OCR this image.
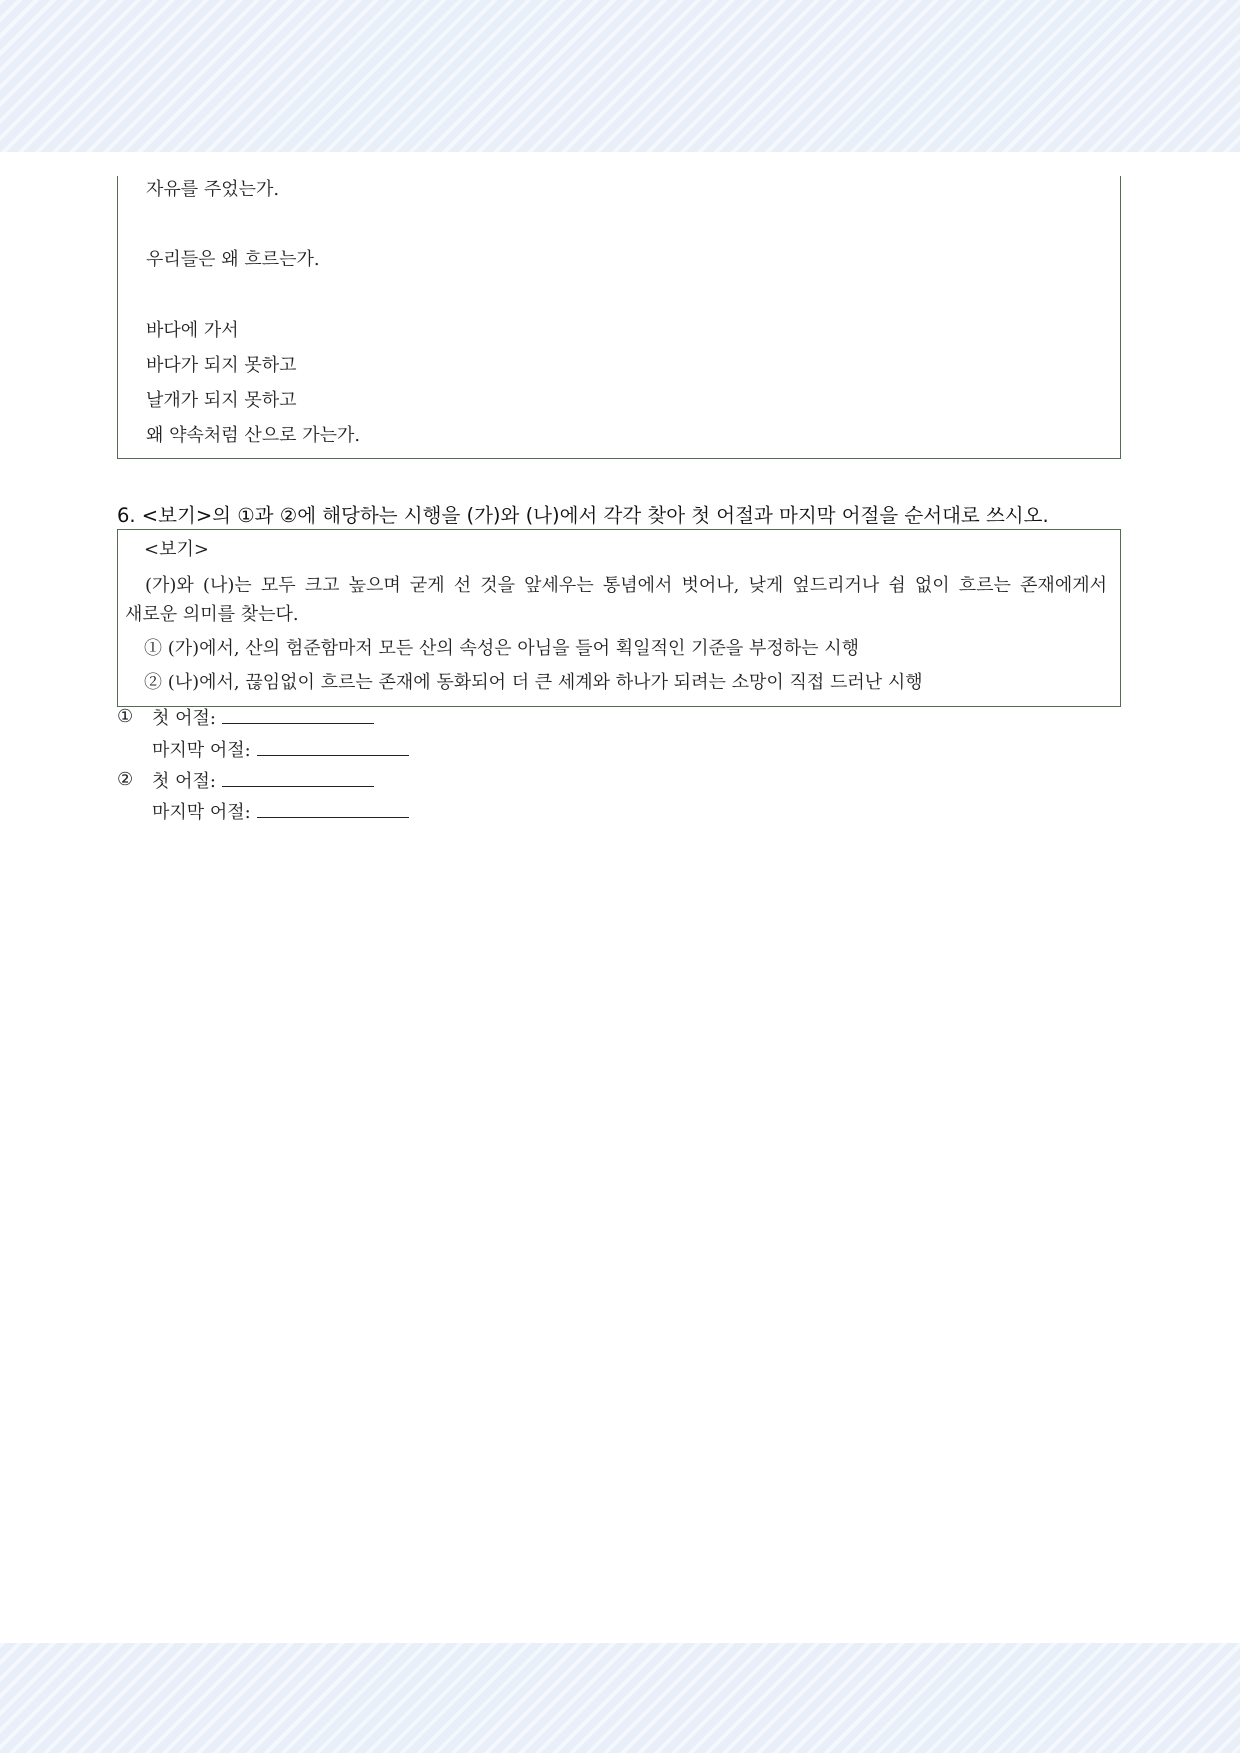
자유를 주었는가.
우리들은 왜 흐르는가.
바다에 가서
바다가 되지 못하고
날개가 되지 못하고
왜 약속처럼 산으로 가는가.
6. <보기>의 ①과 ②에 해당하는 시행을 (가)와 (나)에서 각각 찾아 첫 어절과 마지막 어절을 순서대로 쓰시오.
<보기>
(가)와 (나)는 모두 크고 높으며 굳게 선 것을 앞세우는 통념에서 벗어나, 낮게 엎드리거나 쉼 없이 흐르는 존재에게서 새로운 의미를 찾는다.
① (가)에서, 산의 험준함마저 모든 산의 속성은 아님을 들어 획일적인 기준을 부정하는 시행
② (나)에서, 끊임없이 흐르는 존재에 동화되어 더 큰 세계와 하나가 되려는 소망이 직접 드러난 시행
① 첫 어절:
마지막 어절:
② 첫 어절:
마지막 어절:
